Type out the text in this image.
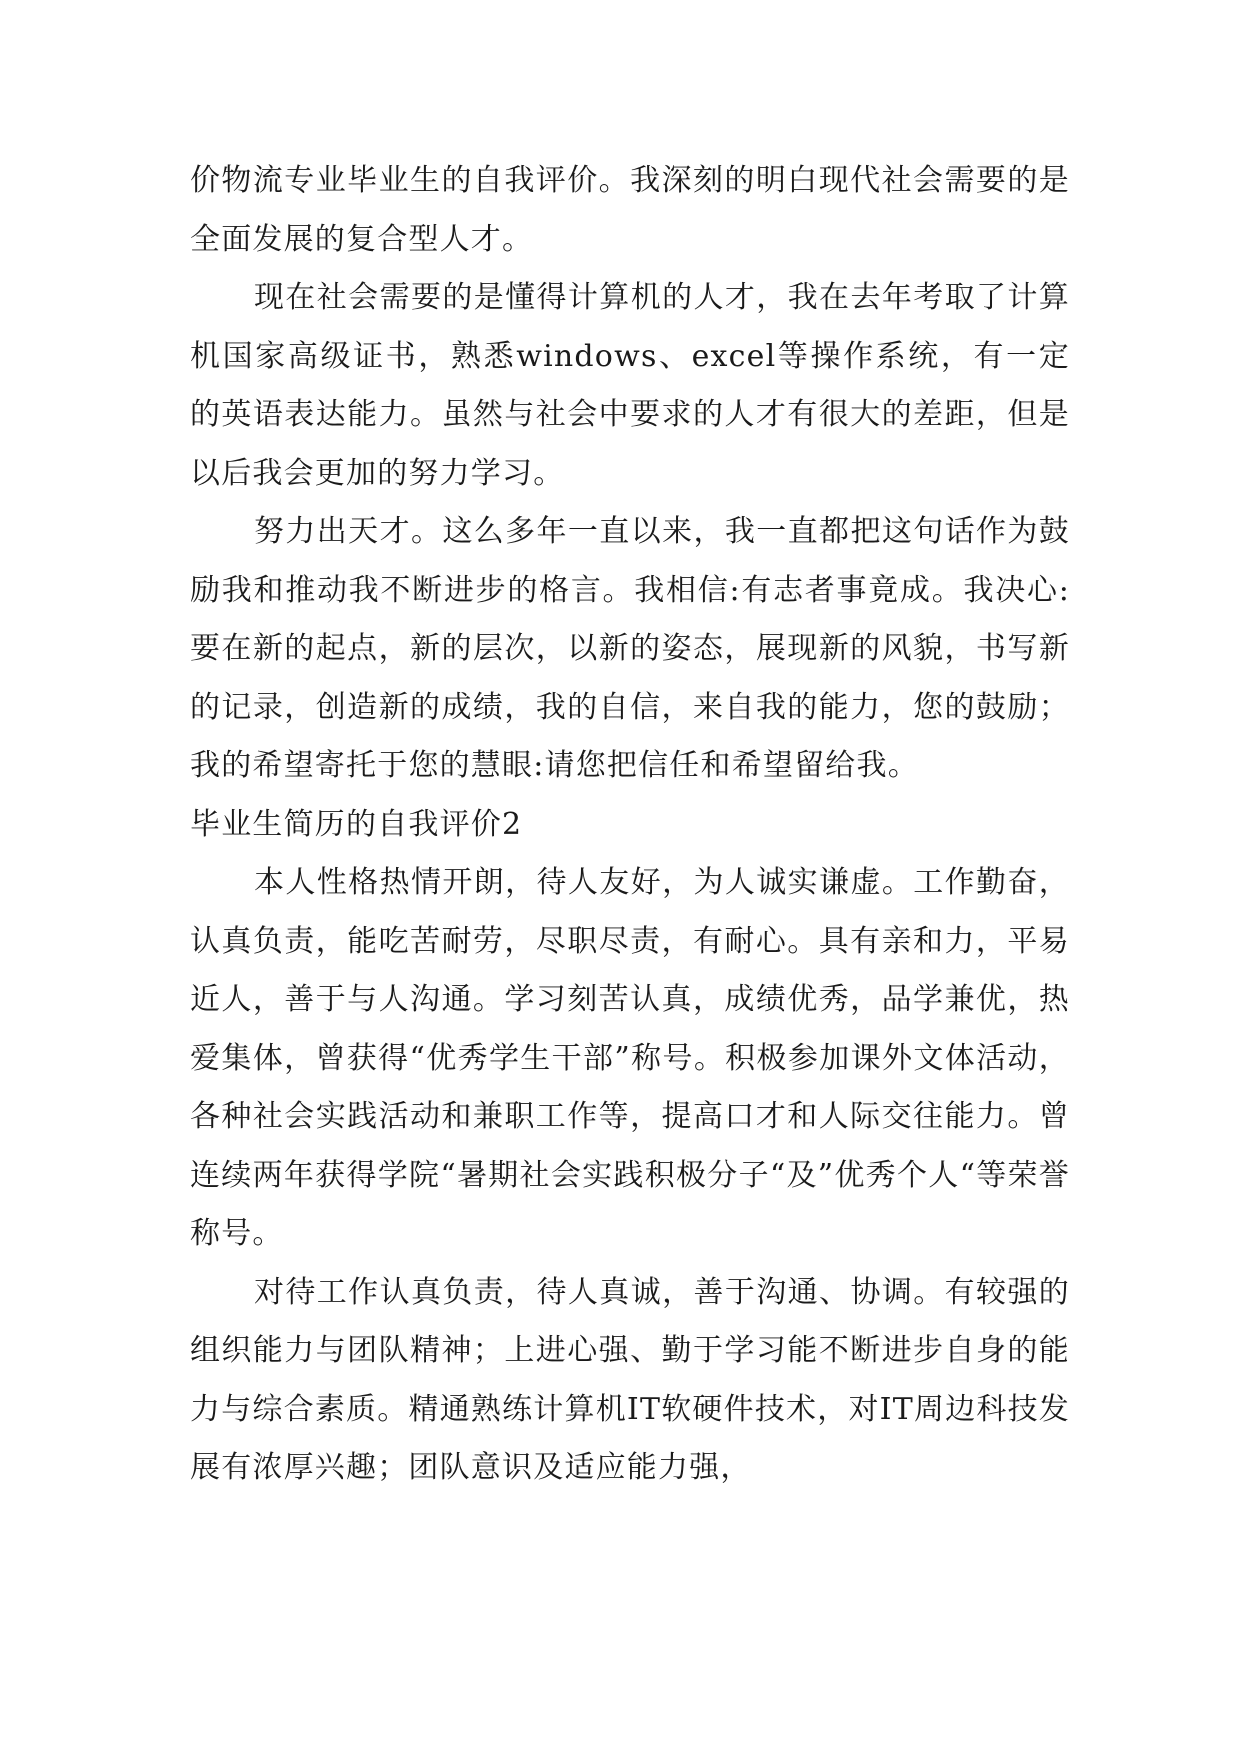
价物流专业毕业生的自我评价。我深刻的明白现代社会需要的是全面发展的复合型人才。

现在社会需要的是懂得计算机的人才，我在去年考取了计算机国家高级证书，熟悉windows、excel等操作系统，有一定的英语表达能力。虽然与社会中要求的人才有很大的差距，但是以后我会更加的努力学习。

努力出天才。这么多年一直以来，我一直都把这句话作为鼓励我和推动我不断进步的格言。我相信:有志者事竟成。我决心:要在新的起点，新的层次，以新的姿态，展现新的风貌，书写新的记录，创造新的成绩，我的自信，来自我的能力，您的鼓励；我的希望寄托于您的慧眼:请您把信任和希望留给我。

毕业生简历的自我评价2

本人性格热情开朗，待人友好，为人诚实谦虚。工作勤奋，认真负责，能吃苦耐劳，尽职尽责，有耐心。具有亲和力，平易近人，善于与人沟通。学习刻苦认真，成绩优秀，品学兼优，热爱集体，曾获得“优秀学生干部”称号。积极参加课外文体活动，各种社会实践活动和兼职工作等，提高口才和人际交往能力。曾连续两年获得学院“暑期社会实践积极分子“及”优秀个人“等荣誉称号。

对待工作认真负责，待人真诚，善于沟通、协调。有较强的组织能力与团队精神；上进心强、勤于学习能不断进步自身的能力与综合素质。精通熟练计算机IT软硬件技术，对IT周边科技发展有浓厚兴趣；团队意识及适应能力强，
